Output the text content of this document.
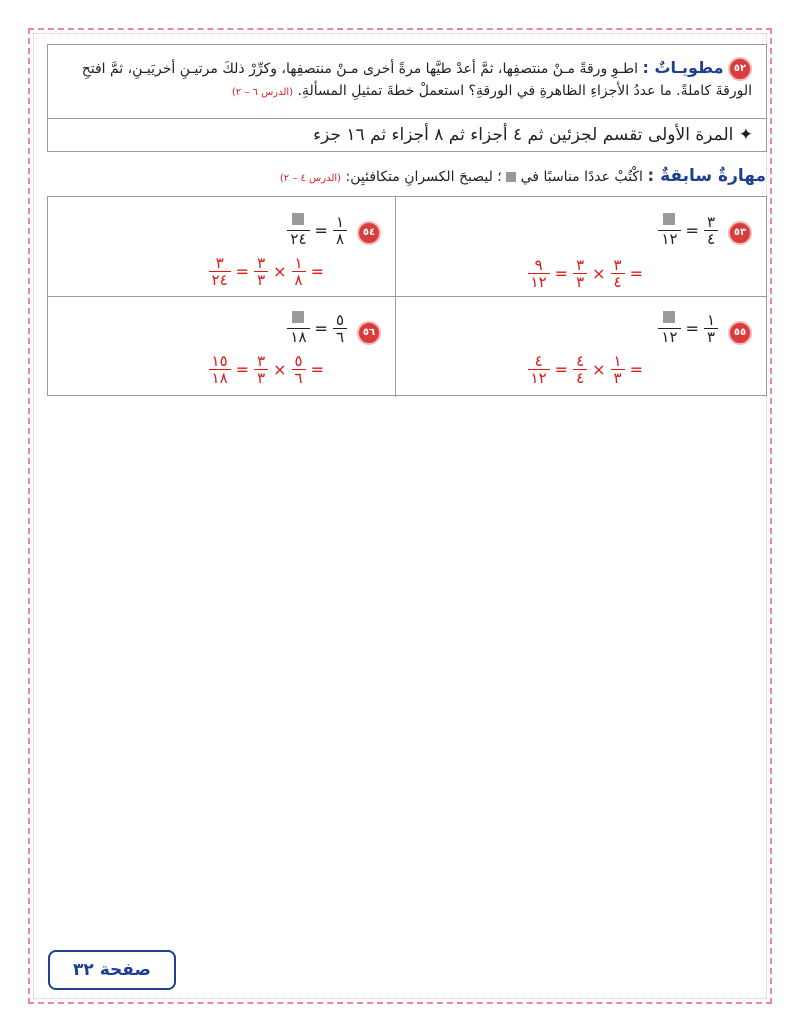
٥٢ مطويـاتٌ : اطـوِ ورقةً مـنْ منتصفِها، ثمَّ أعدْ طيَّها مرةً أخرى مـنْ منتصفِها، وكرِّرْ ذلكَ مرتيـنِ أخريَيـنِ، ثمَّ افتحِ
الورقةَ كاملةً. ما عددُ الأجزاءِ الظاهرةِ في الورقةِ؟ استعملْ خطةَ تمثيلِ المسألةِ. (الدرس ٦ – ٢)
✦ المرة الأولى تقسم لجزئين ثم ٤ أجزاء ثم ٨ أجزاء ثم ١٦ جزء
مهارةٌ سابقةٌ : اكْتُبْ عددًا مناسبًا في  ؛ ليصبحَ الكسرانِ متكافئيِن: (الدرس ٤ – ٢)
٥٣
١٢ = $\frac{٣}{٤}$
$\frac{٩}{١٢} = \frac{٣}{٣} \times \frac{٣}{٤}$ =
٥٤
٢٤ = $\frac{١}{٨}$
$\frac{٣}{٢٤} = \frac{٣}{٣} \times \frac{١}{٨}$ =
٥٥
١٢ = $\frac{١}{٣}$
$\frac{٤}{١٢} = \frac{٤}{٤} \times \frac{١}{٣}$ =
٥٦
١٨ = $\frac{٥}{٦}$
$\frac{١٥}{١٨} = \frac{٣}{٣} \times \frac{٥}{٦}$ =
صفحة ٣٢
